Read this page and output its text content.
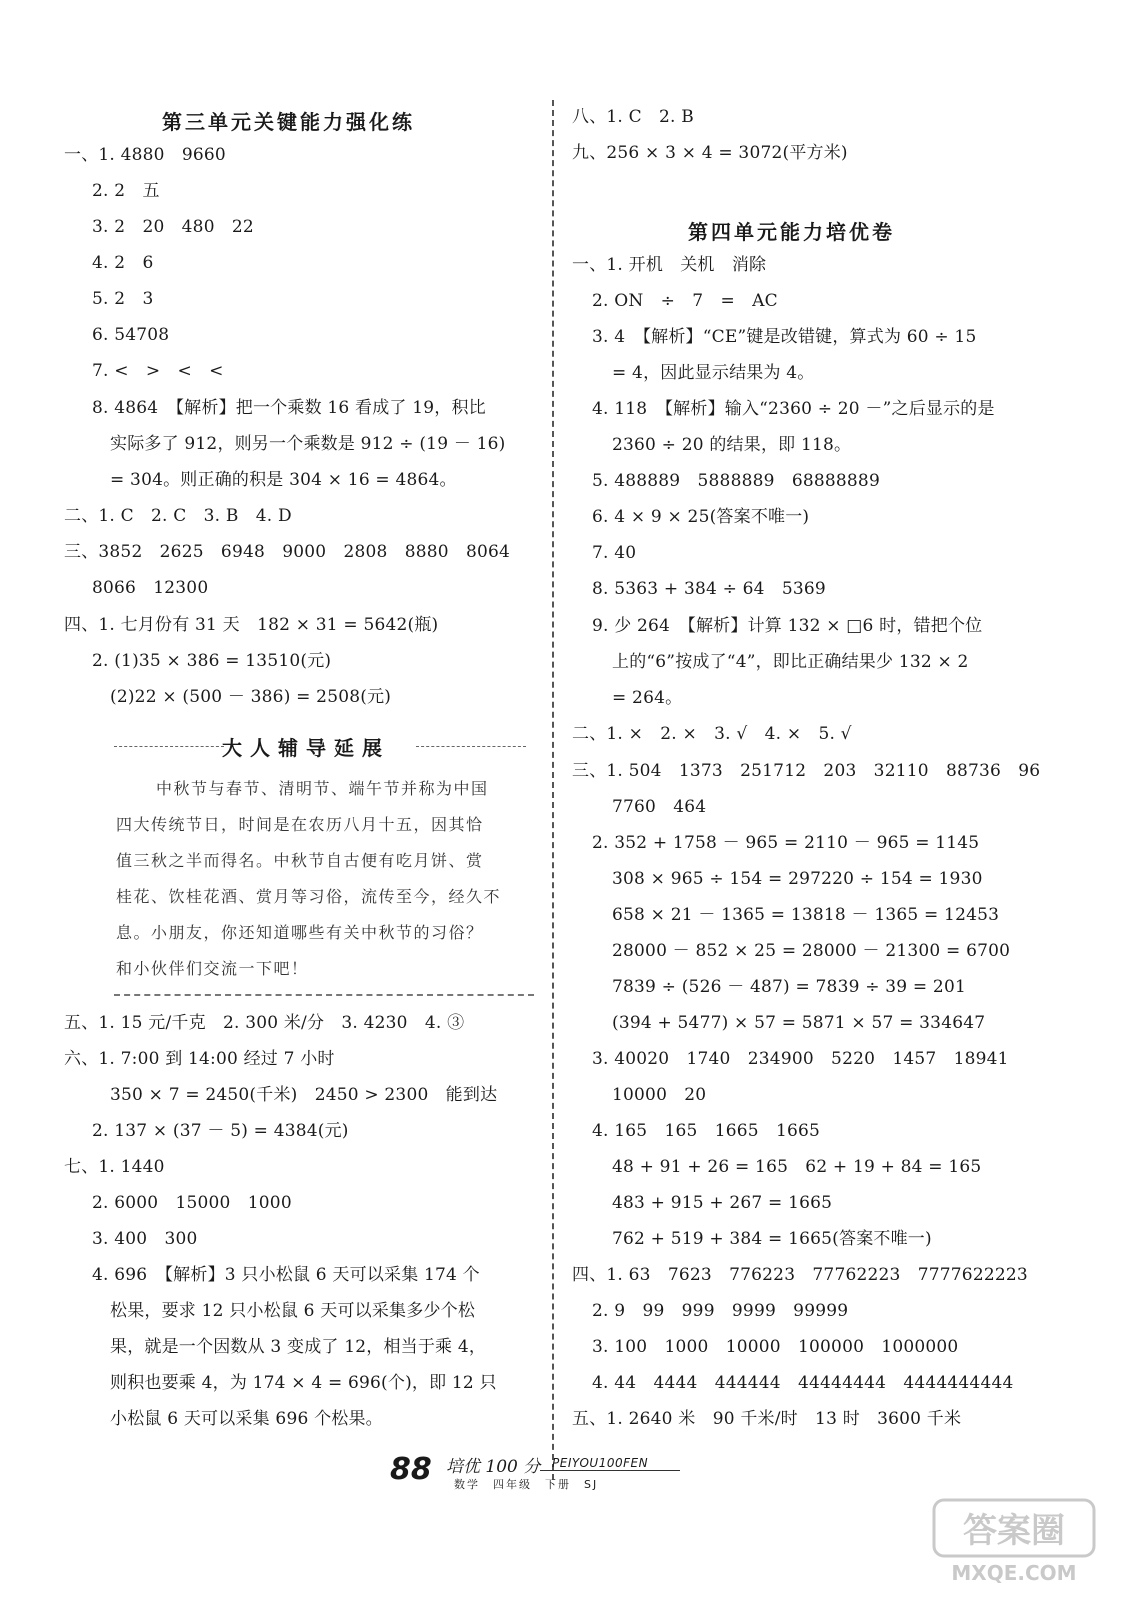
第三单元关键能力强化练
一、1. 4880　9660
2. 2　五
3. 2　20　480　22
4. 2　6
5. 2　3
6. 54708
7. <　>　<　<
8. 4864　【解析】把一个乘数 16 看成了 19，积比
实际多了 912，则另一个乘数是 912 ÷ (19 － 16)
= 304。则正确的积是 304 × 16 = 4864。
二、1. C　2. C　3. B　4. D
三、3852　2625　6948　9000　2808　8880　8064
8066　12300
四、1. 七月份有 31 天　182 × 31 = 5642(瓶)
2. (1)35 × 386 = 13510(元)
(2)22 × (500 － 386) = 2508(元)
大人辅导延展
中秋节与春节、清明节、端午节并称为中国
四大传统节日，时间是在农历八月十五，因其恰
值三秋之半而得名。中秋节自古便有吃月饼、赏
桂花、饮桂花酒、赏月等习俗，流传至今，经久不
息。小朋友，你还知道哪些有关中秋节的习俗？
和小伙伴们交流一下吧！
五、1. 15 元/千克　2. 300 米/分　3. 4230　4. ③
六、1. 7:00 到 14:00 经过 7 小时
350 × 7 = 2450(千米)　2450 > 2300　能到达
2. 137 × (37 － 5) = 4384(元)
七、1. 1440
2. 6000　15000　1000
3. 400　300
4. 696　【解析】3 只小松鼠 6 天可以采集 174 个
松果，要求 12 只小松鼠 6 天可以采集多少个松
果，就是一个因数从 3 变成了 12，相当于乘 4，
则积也要乘 4，为 174 × 4 = 696(个)，即 12 只
小松鼠 6 天可以采集 696 个松果。
八、1. C　2. B
九、256 × 3 × 4 = 3072(平方米)
第四单元能力培优卷
一、1. 开机　关机　消除
2. ON　÷　7　=　AC
3. 4　【解析】“CE”键是改错键，算式为 60 ÷ 15
= 4，因此显示结果为 4。
4. 118　【解析】输入“2360 ÷ 20 －”之后显示的是
2360 ÷ 20 的结果，即 118。
5. 488889　5888889　68888889
6. 4 × 9 × 25(答案不唯一)
7. 40
8. 5363 + 384 ÷ 64　5369
9. 少 264　【解析】计算 132 × □6 时，错把个位
上的“6”按成了“4”，即比正确结果少 132 × 2
= 264。
二、1. ×　2. ×　3. √　4. ×　5. √
三、1. 504　1373　251712　203　32110　88736　96
7760　464
2. 352 + 1758 － 965 = 2110 － 965 = 1145
308 × 965 ÷ 154 = 297220 ÷ 154 = 1930
658 × 21 － 1365 = 13818 － 1365 = 12453
28000 － 852 × 25 = 28000 － 21300 = 6700
7839 ÷ (526 － 487) = 7839 ÷ 39 = 201
(394 + 5477) × 57 = 5871 × 57 = 334647
3. 40020　1740　234900　5220　1457　18941
10000　20
4. 165　165　1665　1665
48 + 91 + 26 = 165　62 + 19 + 84 = 165
483 + 915 + 267 = 1665
762 + 519 + 384 = 1665(答案不唯一)
四、1. 63　7623　776223　77762223　7777622223
2. 9　99　999　9999　99999
3. 100　1000　10000　100000　1000000
4. 44　4444　444444　44444444　4444444444
五、1. 2640 米　90 千米/时　13 时　3600 千米
88 培优 100 分 PEIYOU100FEN
数学　四年级　下册　SJ
答案圈
MXQE.COM
